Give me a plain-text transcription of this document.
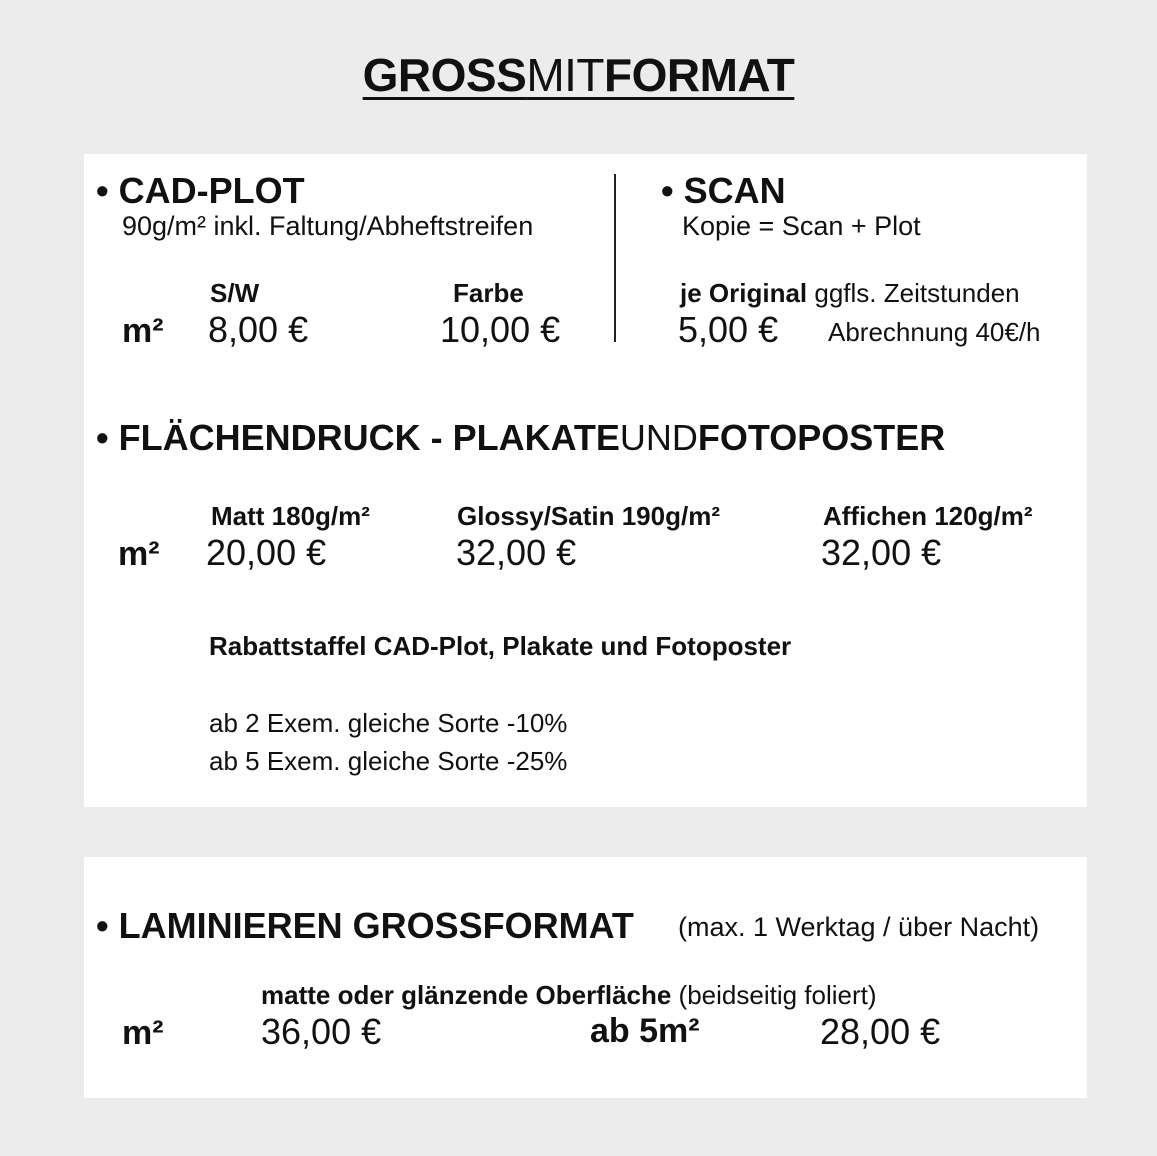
GROSSMITFORMAT
• CAD-PLOT
90g/m² inkl. Faltung/Abheftstreifen
S/W	Farbe
m² 8,00 €	10,00 €
• SCAN
Kopie = Scan + Plot
je Original ggfls. Zeitstunden
5,00 € Abrechnung 40€/h
• FLÄCHENDRUCK - PLAKATEUNDFOTOPOSTER
Matt 180g/m²	Glossy/Satin 190g/m²	Affichen 120g/m²
m² 20,00 €	32,00 €	32,00 €
Rabattstaffel CAD-Plot, Plakate und Fotoposter
ab 2 Exem. gleiche Sorte -10%
ab 5 Exem. gleiche Sorte -25%
• LAMINIEREN GROSSFORMAT (max. 1 Werktag / über Nacht)
matte oder glänzende Oberfläche (beidseitig foliert)
m²	36,00 €	ab 5m²	28,00 €
